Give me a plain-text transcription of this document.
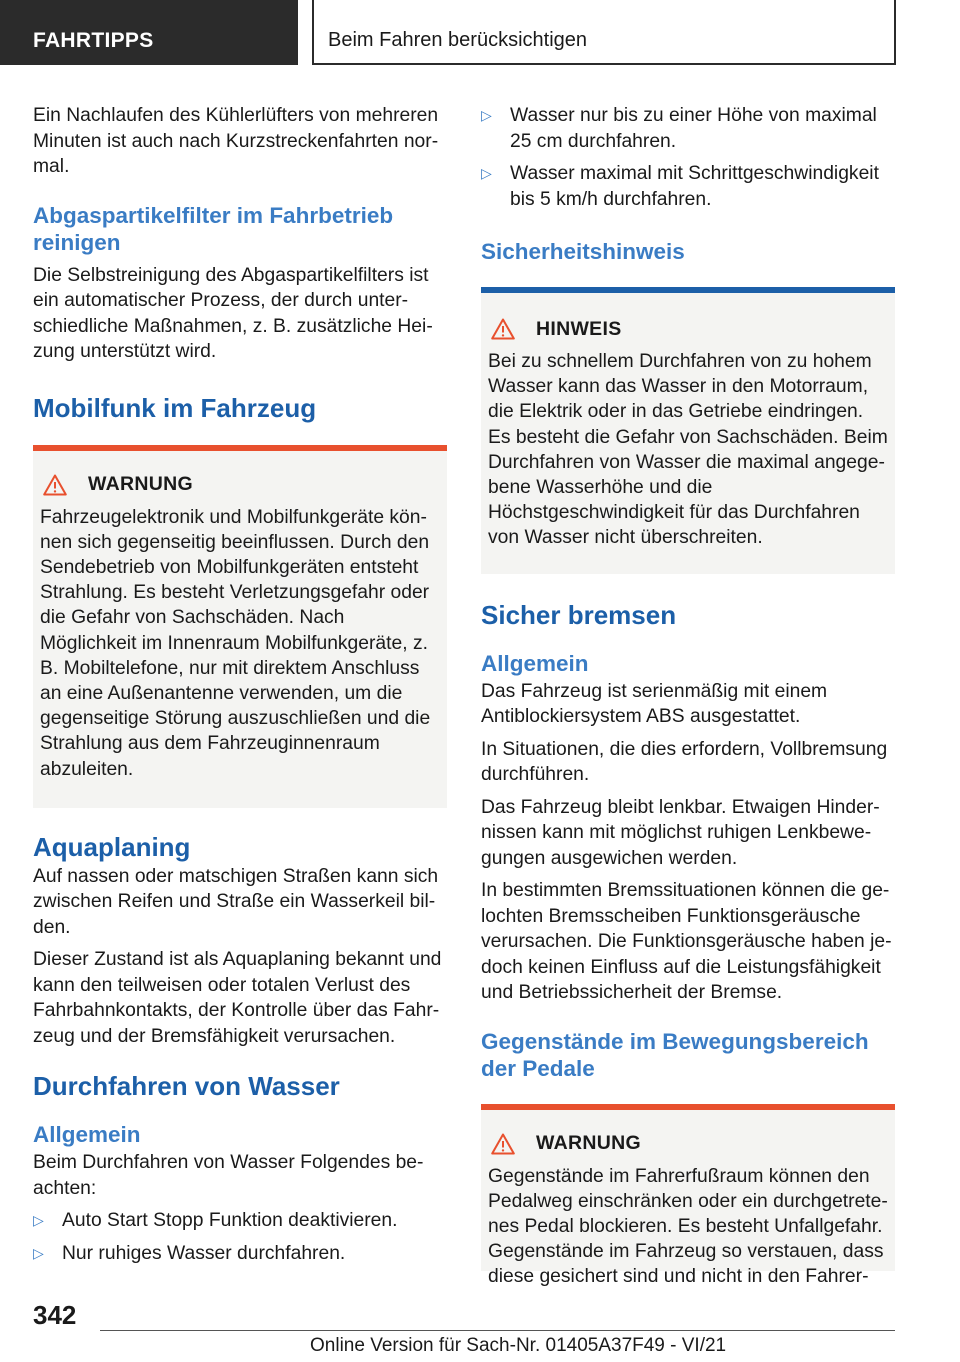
FAHRTIPPS	Beim Fahren berücksichtigen

Ein Nachlaufen des Kühlerlüfters von mehreren Minuten ist auch nach Kurzstreckenfahrten normal.

Abgaspartikelfilter im Fahrbetrieb reinigen

Die Selbstreinigung des Abgaspartikelfilters ist ein automatischer Prozess, der durch unterschiedliche Maßnahmen, z. B. zusätzliche Heizung unterstützt wird.

Mobilfunk im Fahrzeug
WARNUNG

Fahrzeugelektronik und Mobilfunkgeräte können sich gegenseitig beeinflussen. Durch den Sendebetrieb von Mobilfunkgeräten entsteht Strahlung. Es besteht Verletzungsgefahr oder die Gefahr von Sachschäden. Nach Möglichkeit im Innenraum Mobilfunkgeräte, z. B. Mobiltelefone, nur mit direktem Anschluss an eine Außenantenne verwenden, um die gegenseitige Störung auszuschließen und die Strahlung aus dem Fahrzeuginnenraum abzuleiten.

Aquaplaning

Auf nassen oder matschigen Straßen kann sich zwischen Reifen und Straße ein Wasserkeil bilden.

Dieser Zustand ist als Aquaplaning bekannt und kann den teilweisen oder totalen Verlust des Fahrbahnkontakts, der Kontrolle über das Fahrzeug und der Bremsfähigkeit verursachen.

Durchfahren von Wasser
Allgemein

Beim Durchfahren von Wasser Folgendes beachten:

▷ Auto Start Stopp Funktion deaktivieren.
▷ Nur ruhiges Wasser durchfahren.
▷ Wasser nur bis zu einer Höhe von maximal 25 cm durchfahren.
▷ Wasser maximal mit Schrittgeschwindigkeit bis 5 km/h durchfahren.
Sicherheitshinweis
HINWEIS

Bei zu schnellem Durchfahren von zu hohem Wasser kann das Wasser in den Motorraum, die Elektrik oder in das Getriebe eindringen. Es besteht die Gefahr von Sachschäden. Beim Durchfahren von Wasser die maximal angegebene Wasserhöhe und die Höchstgeschwindigkeit für das Durchfahren von Wasser nicht überschreiten.

Sicher bremsen
Allgemein

Das Fahrzeug ist serienmäßig mit einem Antiblockiersystem ABS ausgestattet.

In Situationen, die dies erfordern, Vollbremsung durchführen.

Das Fahrzeug bleibt lenkbar. Etwaigen Hindernissen kann mit möglichst ruhigen Lenkbewegungen ausgewichen werden.

In bestimmten Bremssituationen können die gelochten Bremsscheiben Funktionsgeräusche verursachen. Die Funktionsgeräusche haben jedoch keinen Einfluss auf die Leistungsfähigkeit und Betriebssicherheit der Bremse.

Gegenstände im Bewegungsbereich der Pedale
WARNUNG

Gegenstände im Fahrerfußraum können den Pedalweg einschränken oder ein durchgetretenes Pedal blockieren. Es besteht Unfallgefahr. Gegenstände im Fahrzeug so verstauen, dass diese gesichert sind und nicht in den Fahrer-

342
Online Version für Sach-Nr. 01405A37F49 - VI/21
